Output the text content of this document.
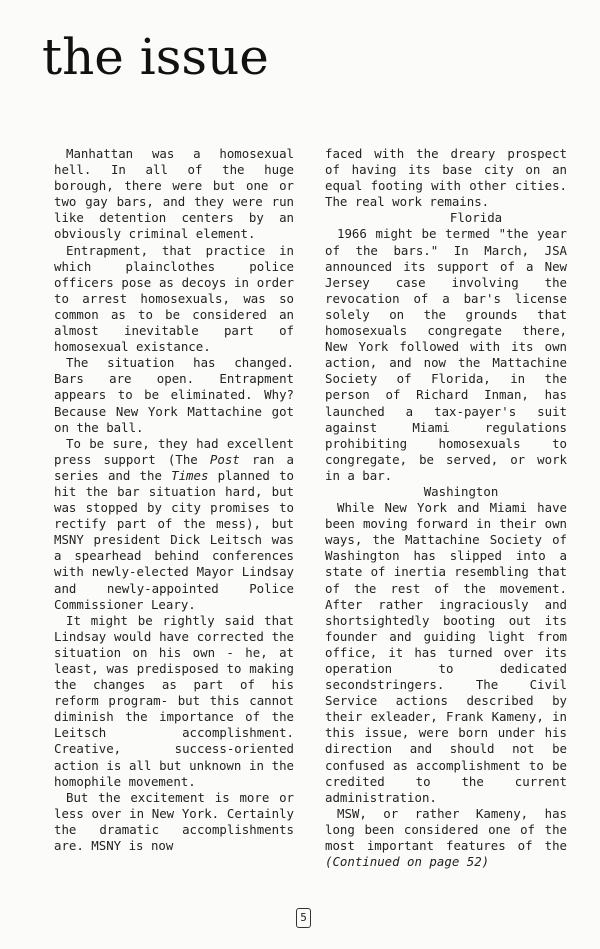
the issue

Manhattan was a homosexual hell. In all of the huge borough, there were but one or two gay bars, and they were run like detention centers by an obviously criminal element.

Entrapment, that practice in which plainclothes police officers pose as decoys in order to arrest homosexuals, was so common as to be considered an almost inevitable part of homosexual existance.

The situation has changed. Bars are open. Entrapment appears to be eliminated. Why? Because New York Mattachine got on the ball.

To be sure, they had excellent press support (The Post ran a series and the Times planned to hit the bar situation hard, but was stopped by city promises to rectify part of the mess), but MSNY president Dick Leitsch was a spearhead behind conferences with newly-elected Mayor Lindsay and newly-appointed Police Commissioner Leary.

It might be rightly said that Lindsay would have corrected the situation on his own - he, at least, was predisposed to making the changes as part of his reform program- but this cannot diminish the importance of the Leitsch accomplishment. Creative, success-oriented action is all but unknown in the homophile movement.

But the excitement is more or less over in New York. Certainly the dramatic accomplishments are. MSNY is now

faced with the dreary prospect of having its base city on an equal footing with other cities. The real work remains.

Florida

1966 might be termed "the year of the bars." In March, JSA announced its support of a New Jersey case involving the revocation of a bar's license solely on the grounds that homosexuals congregate there, New York followed with its own action, and now the Mattachine Society of Florida, in the person of Richard Inman, has launched a tax-payer's suit against Miami regulations prohibiting homosexuals to congregate, be served, or work in a bar.

Washington

While New York and Miami have been moving forward in their own ways, the Mattachine Society of Washington has slipped into a state of inertia resembling that of the rest of the movement. After rather ingraciously and shortsightedly booting out its founder and guiding light from office, it has turned over its operation to dedicated secondstringers. The Civil Service actions described by their exleader, Frank Kameny, in this issue, were born under his direction and should not be confused as accomplishment to be credited to the current administration.

MSW, or rather Kameny, has long been considered one of the most important features of the (Continued on page 52)

5
